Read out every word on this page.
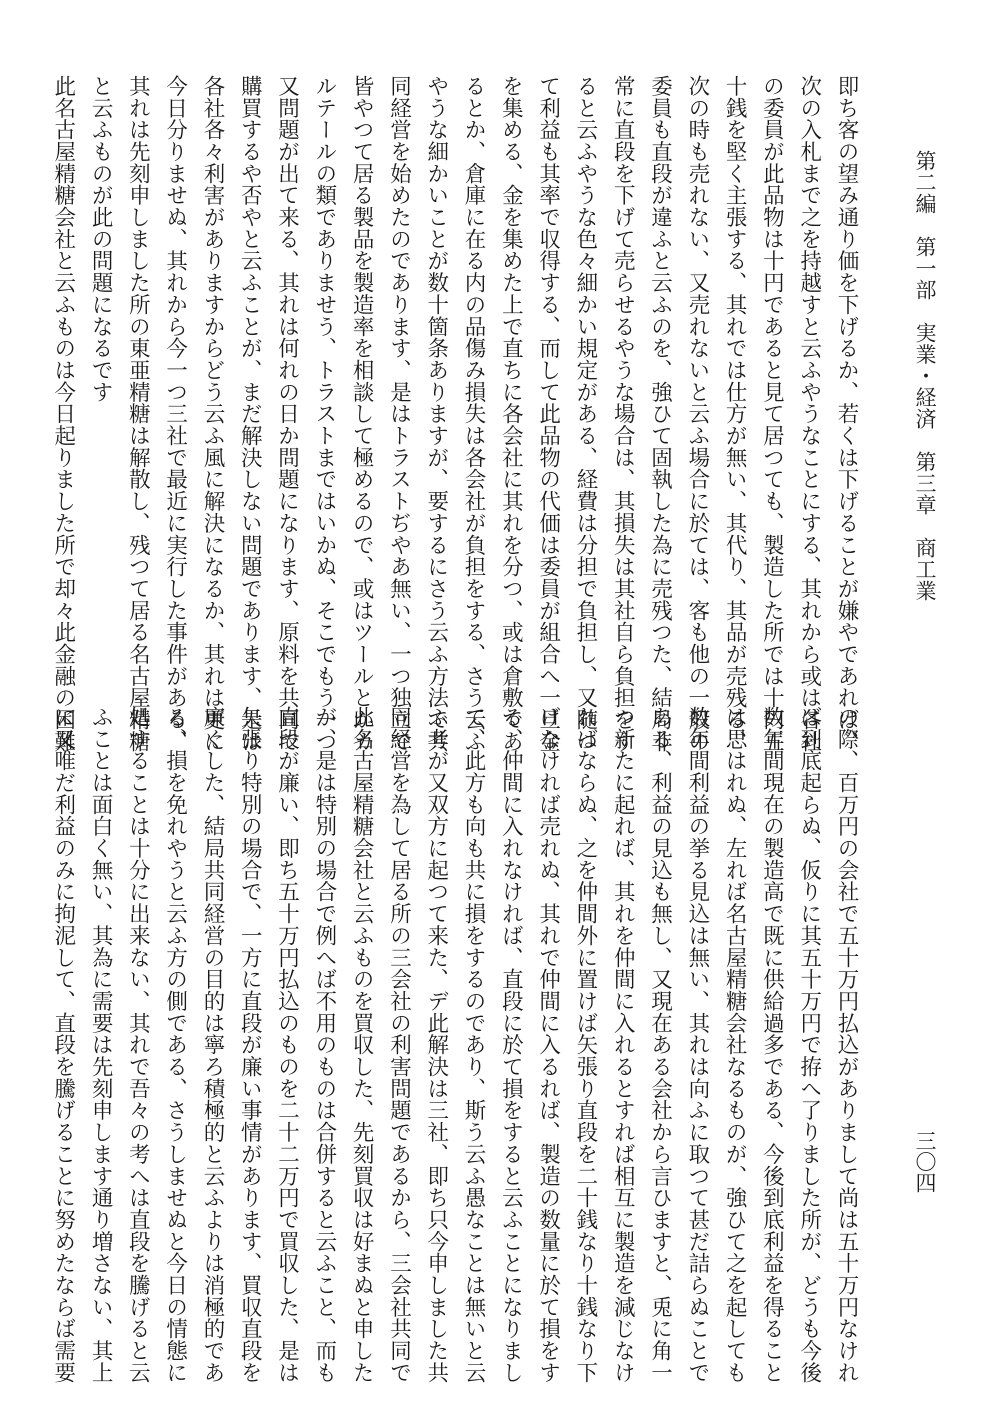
第二編　第一部　実業・経済　第三章　商工業
三〇四
即ち客の望み通り価を下げるか、若くは下げることが嫌やであれば、
次の入札まで之を持越すと云ふやうなことにする、其れから或は各社
の委員が此品物は十円であると見て居つても、製造した所では十円五
十銭を堅く主張する、其れでは仕方が無い、其代り、其品が売残る、
次の時も売れない、又売れないと云ふ場合に於ては、客も他の一般の
委員も直段が違ふと云ふのを、強ひて固執した為に売残つた、結局非
常に直段を下げて売らせるやうな場合は、其損失は其社自ら負担をす
ると云ふやうな色々細かい規定がある、経費は分担で負担し、又随つ
て利益も其率で収得する、而して此品物の代価は委員が組合へ一旦金
を集める、金を集めた上で直ちに各会社に其れを分つ、或は倉敷であ
るとか、倉庫に在る内の品傷み損失は各会社が負担をする、さう云ふ
やうな細かいことが数十箇条ありますが、要するにさう云ふ方法で共
同経営を始めたのであります、是はトラストぢやあ無い、一つ独立で
皆やつて居る製品を製造率を相談して極めるので、或はツールとかカ
ルテールの類でありませう、トラストまではいかぬ、そこでもう一つ
又問題が出て来る、其れは何れの日か問題になります、原料を共同で
購買するや否やと云ふことが、まだ解決しない問題であります、是は
各社各々利害がありますからどう云ふ風に解決になるか、其れは更に
今日分りませぬ、其れから今一つ三社で最近に実行した事件がある、
其れは先刻申しました所の東亜精糖は解散し、残つて居る名古屋精糖
と云ふものが此の問題になるです
此名古屋精糖会社と云ふものは今日起りました所で却々此金融の困難
の際、百万円の会社で五十万円払込がありまして尚は五十万円なけれ
ば到底起らぬ、仮りに其五十万円で拵へ了りました所が、どうも今後
数年間現在の製造高で既に供給過多である、今後到底利益を得ること
は思はれぬ、左れば名古屋精糖会社なるものが、強ひて之を起しても
数年間利益の挙る見込は無い、其れは向ふに取つて甚だ詰らぬことで
ある、利益の見込も無し、又現在ある会社から言ひますと、兎に角一
つ新たに起れば、其れを仲間に入れるとすれば相互に製造を減じなけ
ればならぬ、之を仲間外に置けば矢張り直段を二十銭なり十銭なり下
げなければ売れぬ、其れで仲間に入るれば、製造の数量に於て損をす
る、仲間に入れなければ、直段に於て損をすると云ふことになりまし
て、此方も向も共に損をするのであり、斯う云ふ愚なことは無いと云
ふ考が又双方に起つて来た、デ此解決は三社、即ち只今申しました共
同経営を為して居る所の三会社の利害問題であるから、三会社共同で
此名古屋精糖会社と云ふものを買収した、先刻買収は好まぬと申した
が、是は特別の場合で例へば不用のものは合併すると云ふこと、而も
直段が廉い、即ち五十万円払込のものを二十二万円で買収した、是は
矢張り特別の場合で、一方に直段が廉い事情があります、買収直段を
廉くした、結局共同経営の目的は寧ろ積極的と云ふよりは消極的であ
る、損を免れやうと云ふ方の側である、さうしませぬと今日の情態に
処することは十分に出来ない、其れで吾々の考へは直段を騰げると云
ふことは面白く無い、其為に需要は先刻申します通り増さない、其上
に又唯だ利益のみに拘泥して、直段を騰げることに努めたならば需要
